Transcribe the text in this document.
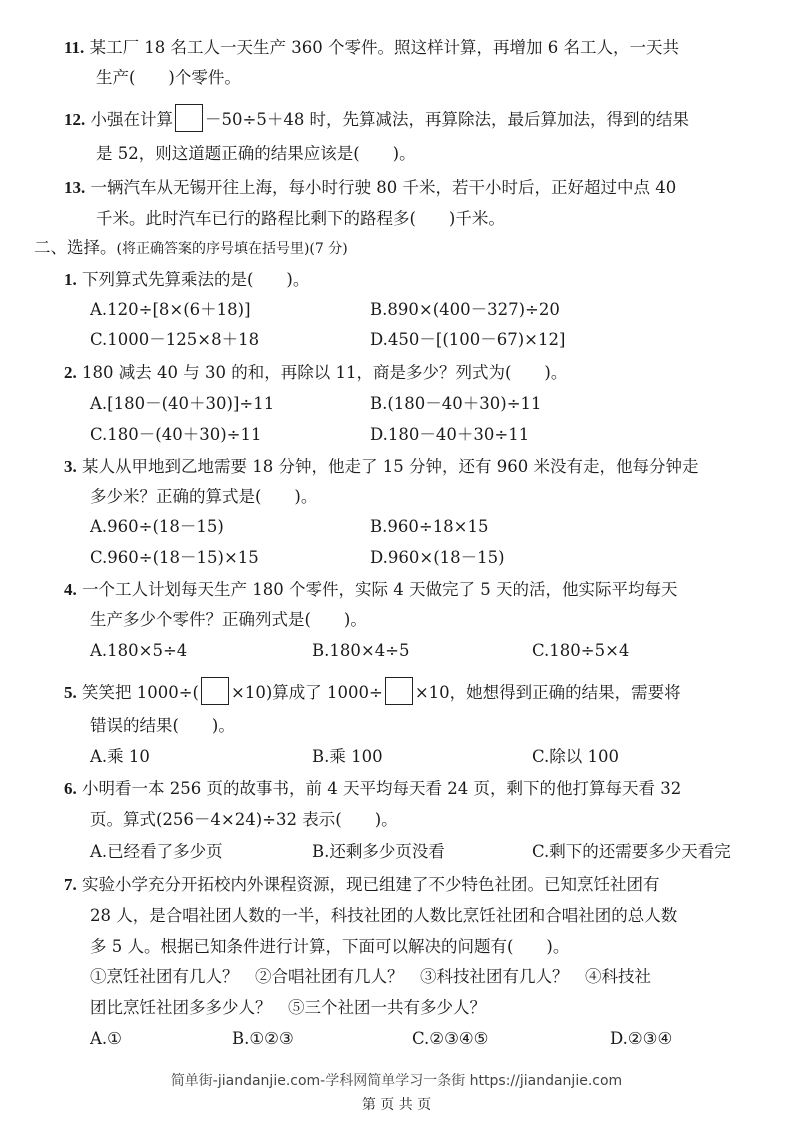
11. 某工厂 18 名工人一天生产 360 个零件。照这样计算，再增加 6 名工人，一天共
生产(　　)个零件。
12. 小强在计算 －50÷5＋48 时，先算减法，再算除法，最后算加法，得到的结果
是 52，则这道题正确的结果应该是(　　)。
13. 一辆汽车从无锡开往上海，每小时行驶 80 千米，若干小时后，正好超过中点 40
千米。此时汽车已行的路程比剩下的路程多(　　)千米。
二、选择。(将正确答案的序号填在括号里)(7 分)
1. 下列算式先算乘法的是(　　)。
A.120÷[8×(6＋18)]	B.890×(400－327)÷20
C.1000－125×8＋18	D.450－[(100－67)×12]
2. 180 减去 40 与 30 的和，再除以 11，商是多少？列式为(　　)。
A.[180－(40＋30)]÷11	B.(180－40＋30)÷11
C.180－(40＋30)÷11	D.180－40＋30÷11
3. 某人从甲地到乙地需要 18 分钟，他走了 15 分钟，还有 960 米没有走，他每分钟走
多少米？正确的算式是(　　)。
A.960÷(18－15)	B.960÷18×15
C.960÷(18－15)×15	D.960×(18－15)
4. 一个工人计划每天生产 180 个零件，实际 4 天做完了 5 天的活，他实际平均每天
生产多少个零件？正确列式是(　　)。
A.180×5÷4	B.180×4÷5	C.180÷5×4
5. 笑笑把 1000÷( ×10)算成了 1000÷ ×10，她想得到正确的结果，需要将
错误的结果(　　)。
A.乘 10	B.乘 100	C.除以 100
6. 小明看一本 256 页的故事书，前 4 天平均每天看 24 页，剩下的他打算每天看 32
页。算式(256－4×24)÷32 表示(　　)。
A.已经看了多少页	B.还剩多少页没看	C.剩下的还需要多少天看完
7. 实验小学充分开拓校内外课程资源，现已组建了不少特色社团。已知烹饪社团有
28 人，是合唱社团人数的一半，科技社团的人数比烹饪社团和合唱社团的总人数
多 5 人。根据已知条件进行计算，下面可以解决的问题有(　　)。
①烹饪社团有几人？　②合唱社团有几人？　③科技社团有几人？　④科技社
团比烹饪社团多多少人？　⑤三个社团一共有多少人？
A.①	B.①②③	C.②③④⑤	D.②③④
简单街-jiandanjie.com-学科网简单学习一条街 https://jiandanjie.com
第 页 共 页
